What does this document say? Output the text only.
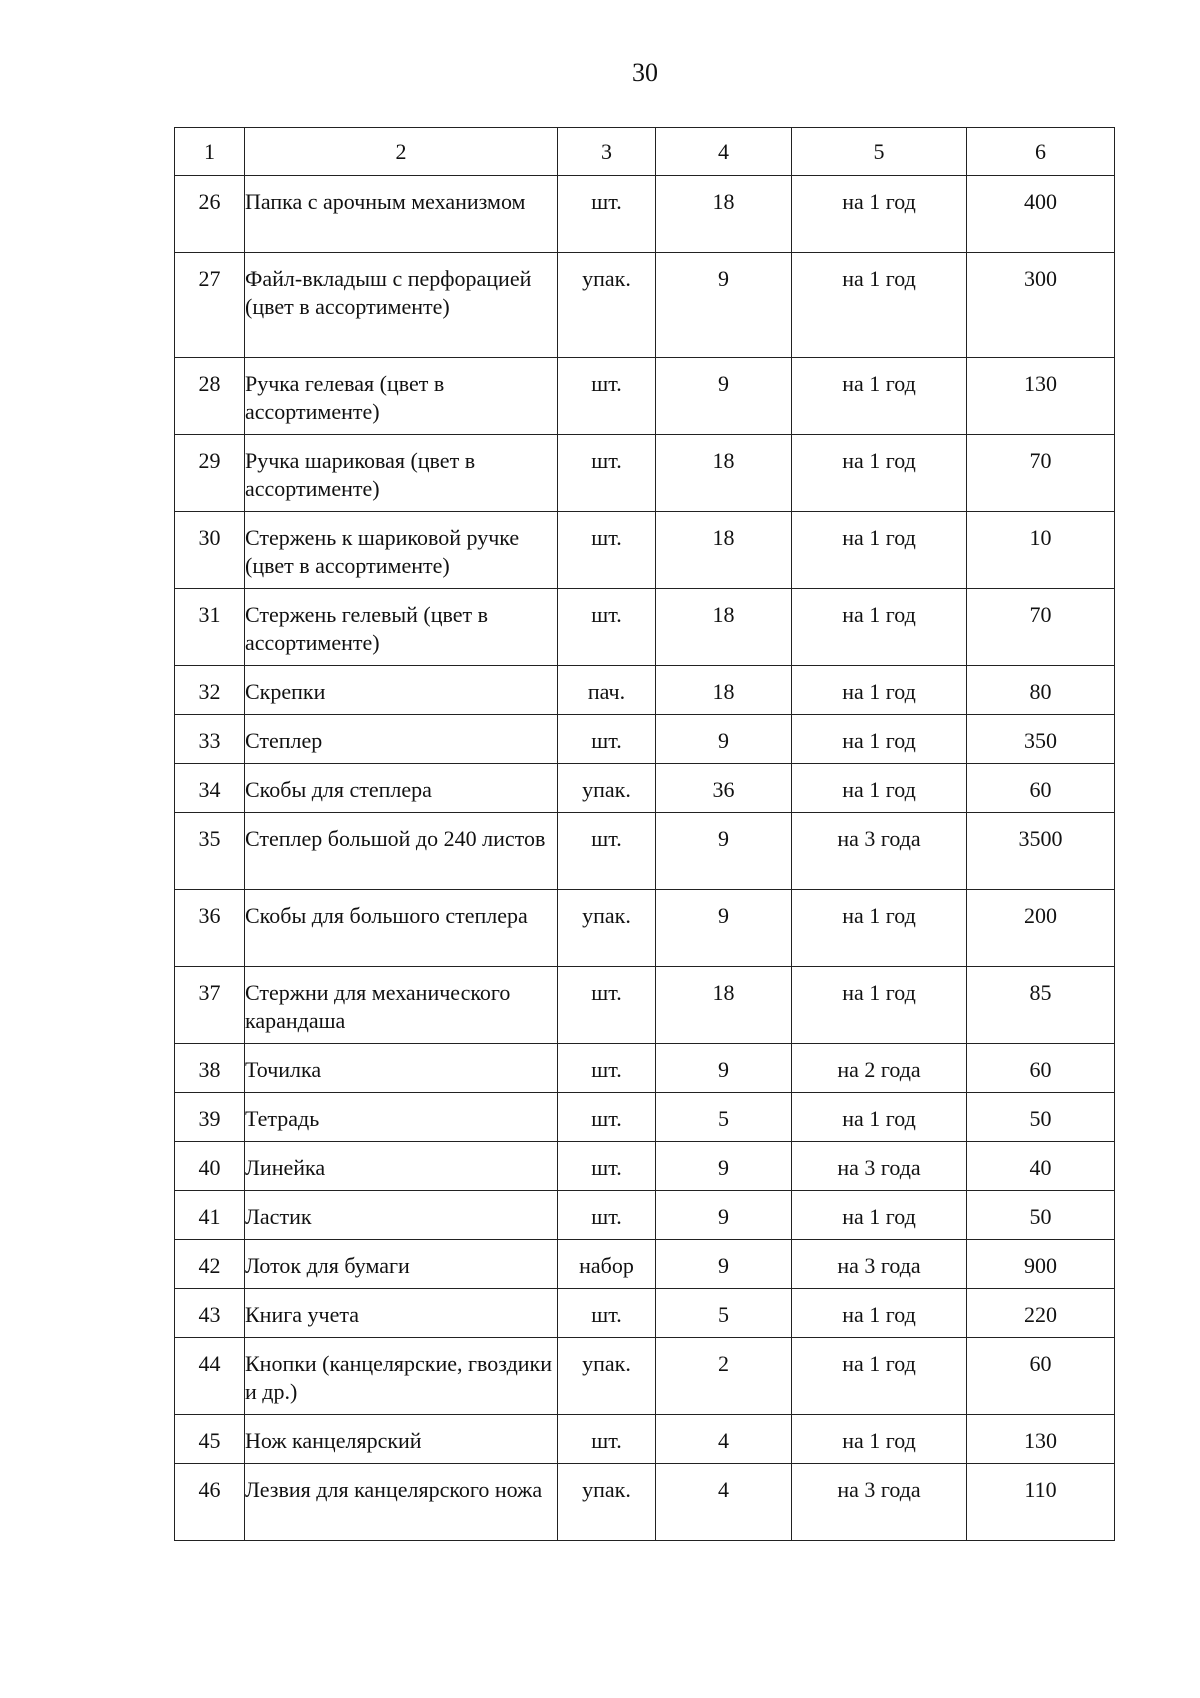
30
1	2	3	4	5	6
26	Папка с арочным механизмом	шт.	18	на 1 год	400
27	Файл-вкладыш с перфорацией (цвет в ассортименте)	упак.	9	на 1 год	300
28	Ручка гелевая (цвет в ассортименте)	шт.	9	на 1 год	130
29	Ручка шариковая (цвет в ассортименте)	шт.	18	на 1 год	70
30	Стержень к шариковой ручке (цвет в ассортименте)	шт.	18	на 1 год	10
31	Стержень гелевый (цвет в ассортименте)	шт.	18	на 1 год	70
32	Скрепки	пач.	18	на 1 год	80
33	Степлер	шт.	9	на 1 год	350
34	Скобы для степлера	упак.	36	на 1 год	60
35	Степлер большой до 240 листов	шт.	9	на 3 года	3500
36	Скобы для большого степлера	упак.	9	на 1 год	200
37	Стержни для механического карандаша	шт.	18	на 1 год	85
38	Точилка	шт.	9	на 2 года	60
39	Тетрадь	шт.	5	на 1 год	50
40	Линейка	шт.	9	на 3 года	40
41	Ластик	шт.	9	на 1 год	50
42	Лоток для бумаги	набор	9	на 3 года	900
43	Книга учета	шт.	5	на 1 год	220
44	Кнопки (канцелярские, гвоздики и др.)	упак.	2	на 1 год	60
45	Нож канцелярский	шт.	4	на 1 год	130
46	Лезвия для канцелярского ножа	упак.	4	на 3 года	110
